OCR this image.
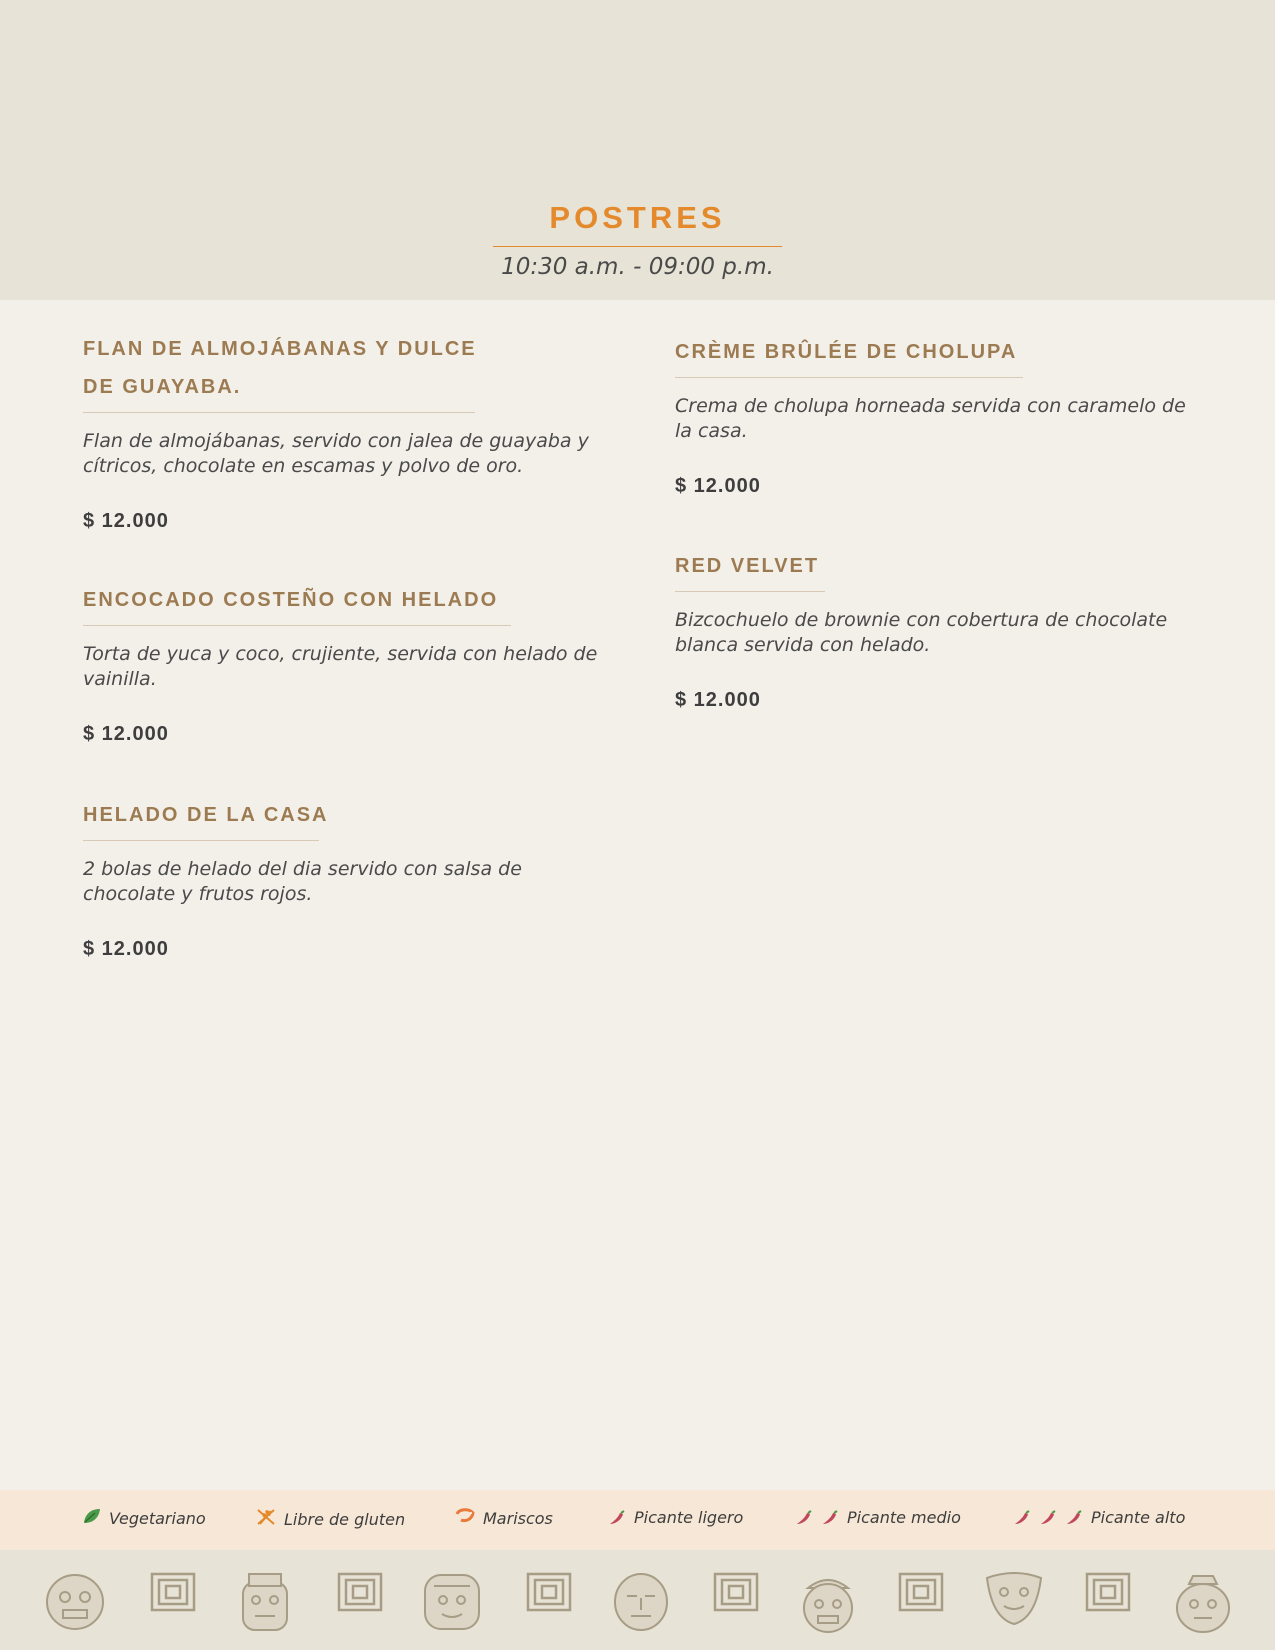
POSTRES
10:30 a.m. - 09:00 p.m.
FLAN DE ALMOJÁBANAS Y DULCE
DE GUAYABA.
Flan de almojábanas, servido con jalea de guayaba y cítricos, chocolate en escamas y polvo de oro.
$ 12.000
ENCOCADO COSTEÑO CON HELADO
Torta de yuca y coco, crujiente, servida con helado de vainilla.
$ 12.000
HELADO DE LA CASA
2 bolas de helado del dia servido con salsa de chocolate y frutos rojos.
$ 12.000
CRÈME BRÛLÉE DE CHOLUPA
Crema de cholupa horneada servida con caramelo de la casa.
$ 12.000
RED VELVET
Bizcochuelo de brownie con cobertura de chocolate blanca servida con helado.
$ 12.000
Vegetariano	Libre de gluten	Mariscos	Picante ligero	Picante medio	Picante alto
